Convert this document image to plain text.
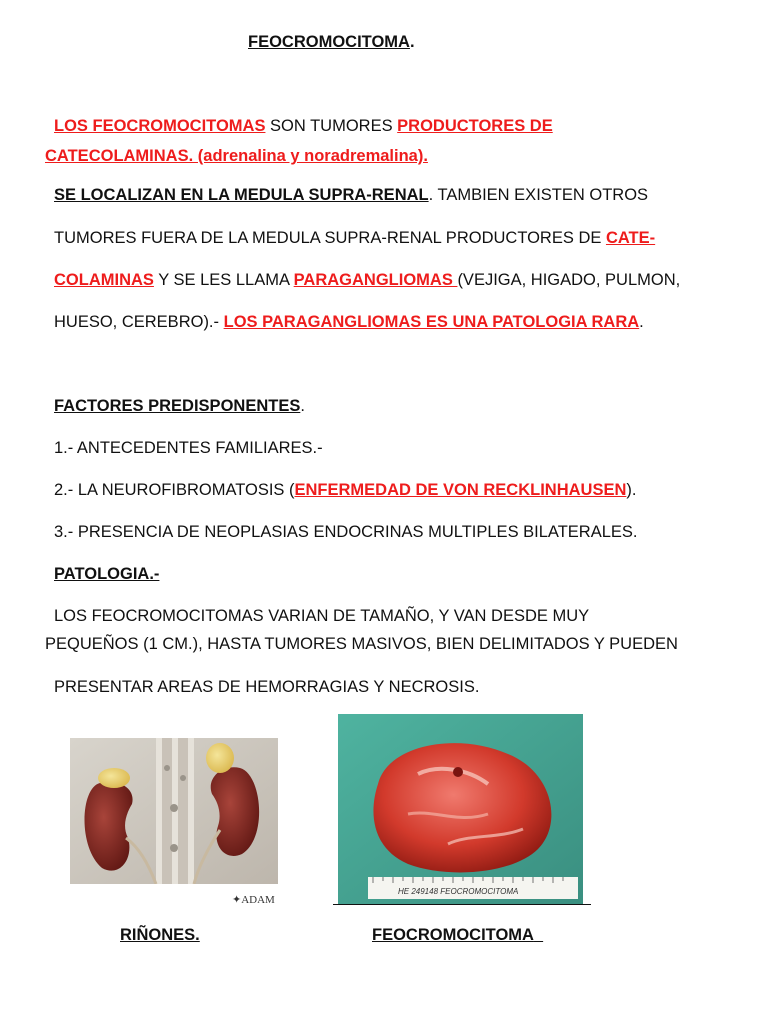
FEOCROMOCITOMA.
LOS FEOCROMOCITOMAS SON TUMORES PRODUCTORES DE
CATECOLAMINAS. (adrenalina y noradremalina).
SE LOCALIZAN EN LA MEDULA SUPRA-RENAL. TAMBIEN EXISTEN OTROS
TUMORES FUERA DE LA MEDULA SUPRA-RENAL PRODUCTORES DE CATE-
COLAMINAS Y SE LES LLAMA PARAGANGLIOMAS (VEJIGA, HIGADO, PULMON,
HUESO, CEREBRO).- LOS PARAGANGLIOMAS ES UNA PATOLOGIA RARA.
FACTORES PREDISPONENTES.
1.- ANTECEDENTES FAMILIARES.-
2.- LA NEUROFIBROMATOSIS (ENFERMEDAD DE VON RECKLINHAUSEN).
3.- PRESENCIA DE NEOPLASIAS ENDOCRINAS MULTIPLES BILATERALES.
PATOLOGIA.-
LOS FEOCROMOCITOMAS VARIAN DE TAMAÑO, Y VAN DESDE MUY
PEQUEÑOS (1 CM.), HASTA TUMORES MASIVOS, BIEN DELIMITADOS Y PUEDEN
PRESENTAR AREAS DE HEMORRAGIAS Y NECROSIS.
✦ADAM
HE 249148 FEOCROMOCITOMA
RIÑONES.	FEOCROMOCITOMA
